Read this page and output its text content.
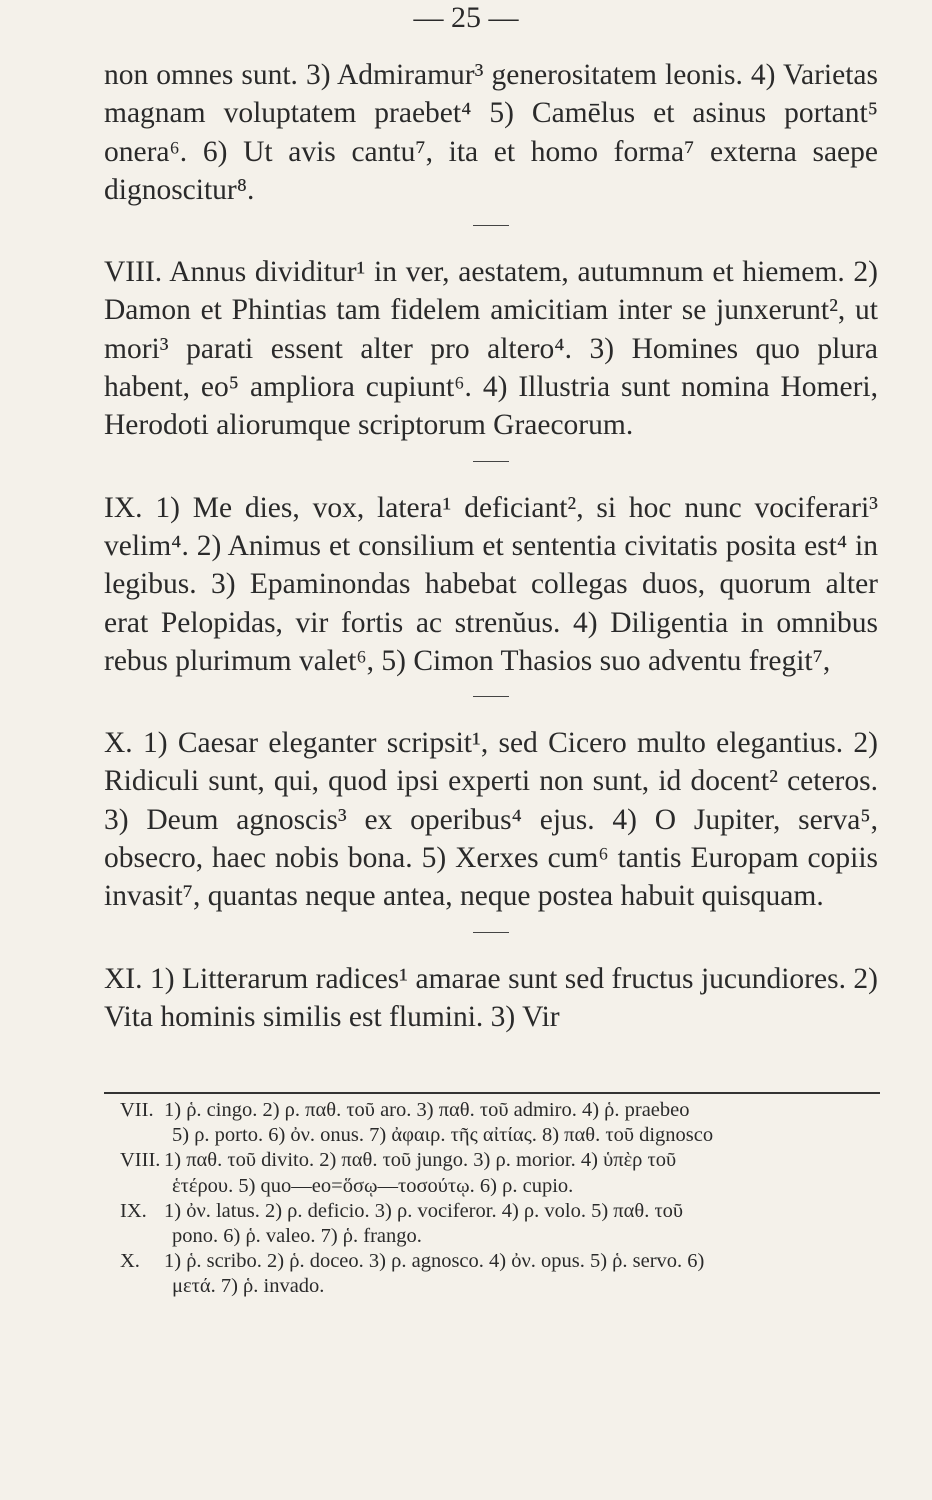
— 25 —

non omnes sunt. 3) Admiramur³ generositatem leonis. 4) Varietas magnam voluptatem praebet⁴ 5) Camēlus et asinus portant⁵ onera⁶. 6) Ut avis cantu⁷, ita et homo forma⁷ externa saepe dignoscitur⁸.

VIII. Annus dividitur¹ in ver, aestatem, autumnum et hiemem. 2) Damon et Phintias tam fidelem amicitiam inter se junxerunt², ut mori³ parati essent alter pro altero⁴. 3) Homines quo plura habent, eo⁵ ampliora cupiunt⁶. 4) Illustria sunt nomina Homeri, Herodoti aliorumque scriptorum Graecorum.

IX. 1) Me dies, vox, latera¹ deficiant², si hoc nunc vociferari³ velim⁴. 2) Animus et consilium et sententia civitatis posita est⁴ in legibus. 3) Epaminondas habebat collegas duos, quorum alter erat Pelopidas, vir fortis ac strenŭus. 4) Diligentia in omnibus rebus plurimum valet⁶, 5) Cimon Thasios suo adventu fregit⁷,

X. 1) Caesar eleganter scripsit¹, sed Cicero multo elegantius. 2) Ridiculi sunt, qui, quod ipsi experti non sunt, id docent² ceteros. 3) Deum agnoscis³ ex operibus⁴ ejus. 4) O Jupiter, serva⁵, obsecro, haec nobis bona. 5) Xerxes cum⁶ tantis Europam copiis invasit⁷, quantas neque antea, neque postea habuit quisquam.

XI. 1) Litterarum radices¹ amarae sunt sed fructus jucundiores. 2) Vita hominis similis est flumini. 3) Vir

VII. 1) ῥ. cingo. 2) ρ. παθ. τοῦ aro. 3) παθ. τοῦ admiro. 4) ῥ. praebeo
5) ρ. porto. 6) ὀν. onus. 7) ἀφαιρ. τῆς αἰτίας. 8) παθ. τοῦ dignosco
VIII. 1) παθ. τοῦ divito. 2) παθ. τοῦ jungo. 3) ρ. morior. 4) ὑπὲρ τοῦ
ἑτέρου. 5) quo—eo=ὅσῳ—τοσούτῳ. 6) ρ. cupio.
IX. 1) ὀν. latus. 2) ρ. deficio. 3) ρ. vociferor. 4) ρ. volo. 5) παθ. τοῦ
pono. 6) ῥ. valeo. 7) ῥ. frango.
X. 1) ῥ. scribo. 2) ῥ. doceo. 3) ρ. agnosco. 4) ὀν. opus. 5) ῥ. servo. 6)
μετά. 7) ῥ. invado.
